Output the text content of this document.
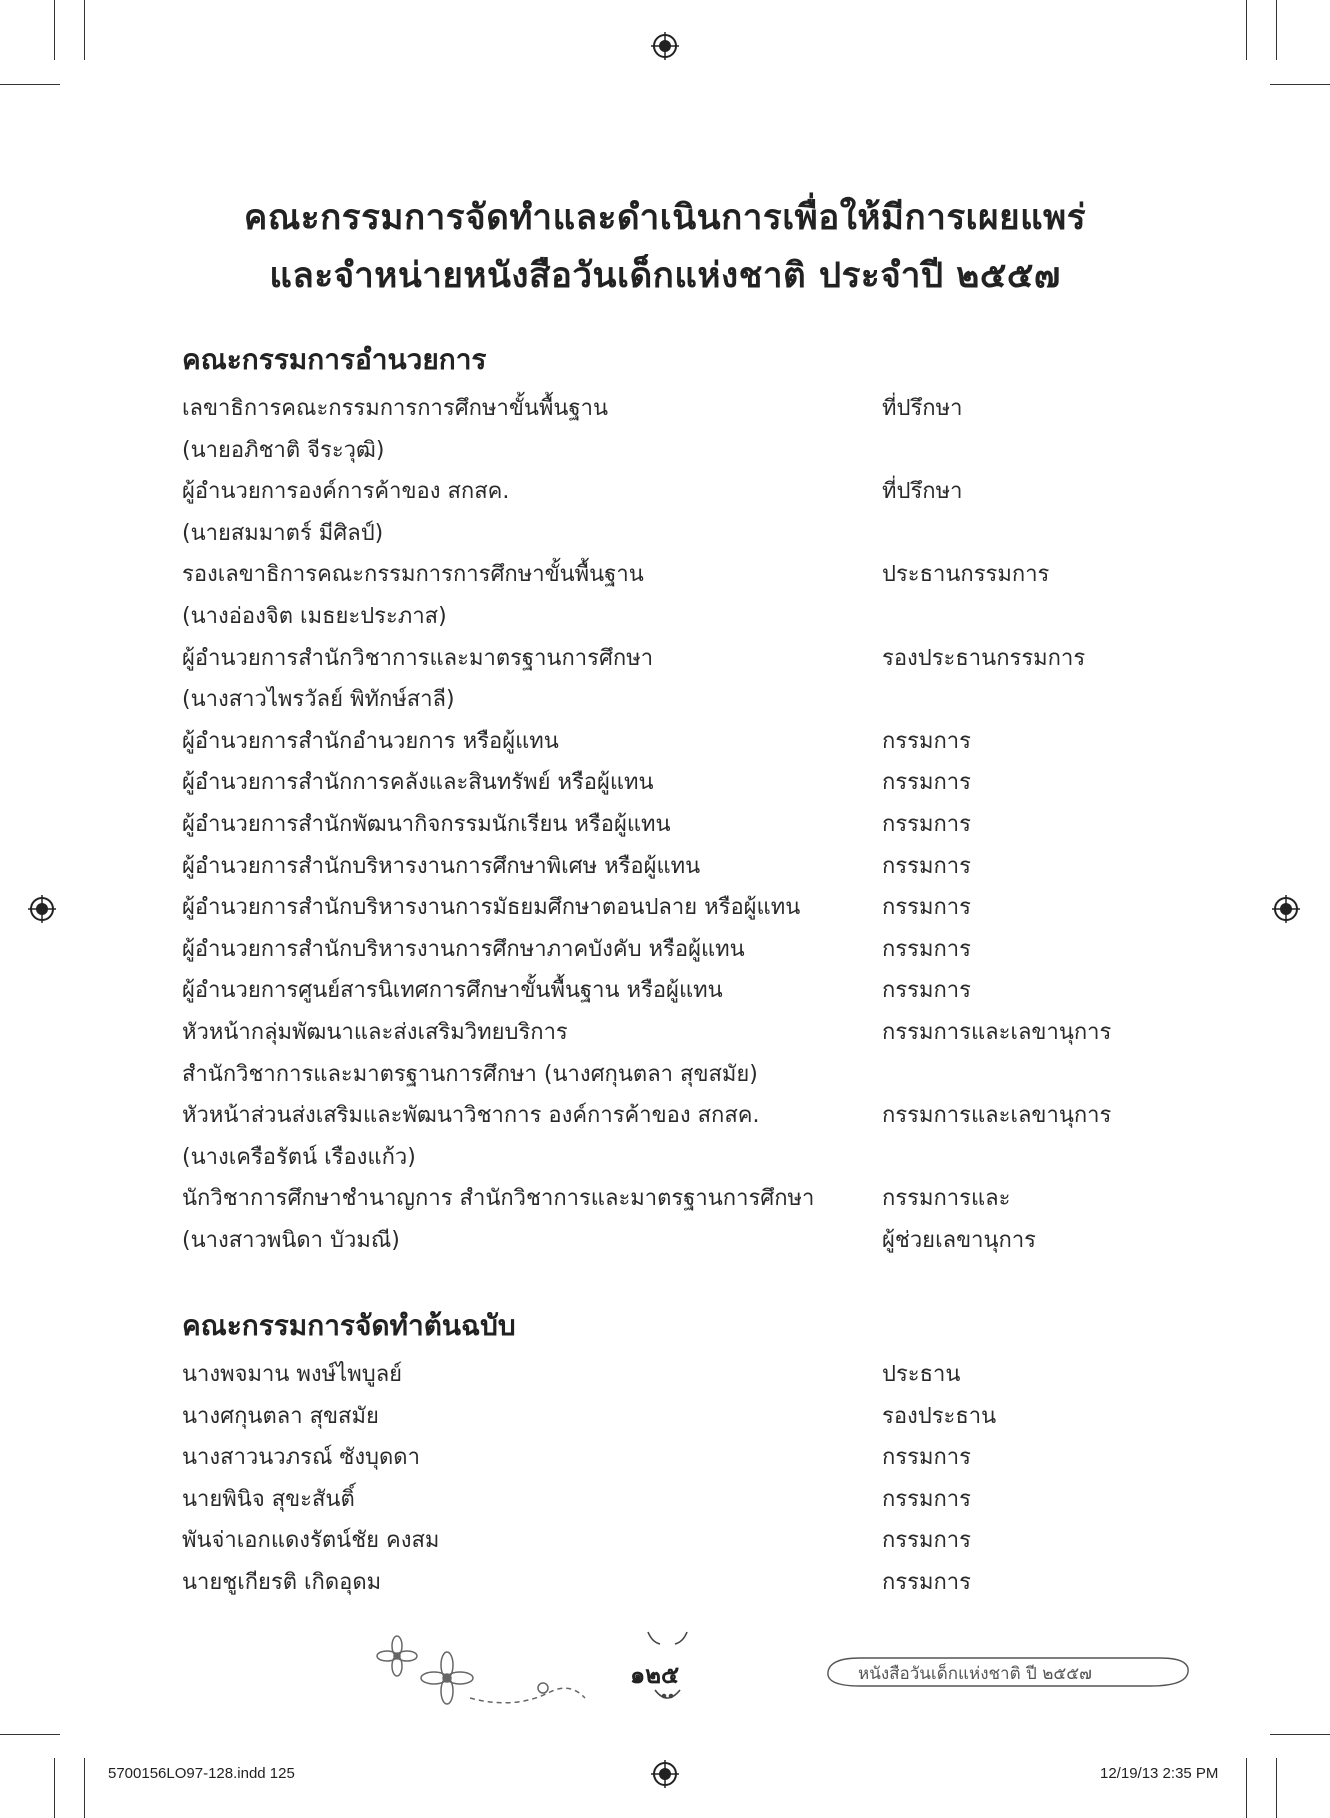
คณะกรรมการจัดทำและดำเนินการเพื่อให้มีการเผยแพร่
และจำหน่ายหนังสือวันเด็กแห่งชาติ ประจำปี ๒๕๕๗
คณะกรรมการอำนวยการ
เลขาธิการคณะกรรมการการศึกษาขั้นพื้นฐาน	ที่ปรึกษา
(นายอภิชาติ จีระวุฒิ)
ผู้อำนวยการองค์การค้าของ สกสค.	ที่ปรึกษา
(นายสมมาตร์ มีศิลป์)
รองเลขาธิการคณะกรรมการการศึกษาขั้นพื้นฐาน	ประธานกรรมการ
(นางอ่องจิต เมธยะประภาส)
ผู้อำนวยการสำนักวิชาการและมาตรฐานการศึกษา	รองประธานกรรมการ
(นางสาวไพรวัลย์ พิทักษ์สาลี)
ผู้อำนวยการสำนักอำนวยการ หรือผู้แทน	กรรมการ
ผู้อำนวยการสำนักการคลังและสินทรัพย์ หรือผู้แทน	กรรมการ
ผู้อำนวยการสำนักพัฒนากิจกรรมนักเรียน หรือผู้แทน	กรรมการ
ผู้อำนวยการสำนักบริหารงานการศึกษาพิเศษ หรือผู้แทน	กรรมการ
ผู้อำนวยการสำนักบริหารงานการมัธยมศึกษาตอนปลาย หรือผู้แทน	กรรมการ
ผู้อำนวยการสำนักบริหารงานการศึกษาภาคบังคับ หรือผู้แทน	กรรมการ
ผู้อำนวยการศูนย์สารนิเทศการศึกษาขั้นพื้นฐาน หรือผู้แทน	กรรมการ
หัวหน้ากลุ่มพัฒนาและส่งเสริมวิทยบริการ	กรรมการและเลขานุการ
สำนักวิชาการและมาตรฐานการศึกษา (นางศกุนตลา สุขสมัย)
หัวหน้าส่วนส่งเสริมและพัฒนาวิชาการ องค์การค้าของ สกสค.	กรรมการและเลขานุการ
(นางเครือรัตน์ เรืองแก้ว)
นักวิชาการศึกษาชำนาญการ สำนักวิชาการและมาตรฐานการศึกษา	กรรมการและ
(นางสาวพนิดา บัวมณี)	ผู้ช่วยเลขานุการ
คณะกรรมการจัดทำต้นฉบับ
นางพจมาน พงษ์ไพบูลย์	ประธาน
นางศกุนตลา สุขสมัย	รองประธาน
นางสาวนวภรณ์ ซังบุดดา	กรรมการ
นายพินิจ สุขะสันติ์	กรรมการ
พันจ่าเอกแดงรัตน์ชัย คงสม	กรรมการ
นายชูเกียรติ เกิดอุดม	กรรมการ
๑๒๕	หนังสือวันเด็กแห่งชาติ ปี ๒๕๕๗
5700156LO97-128.indd 125	12/19/13 2:35 PM
